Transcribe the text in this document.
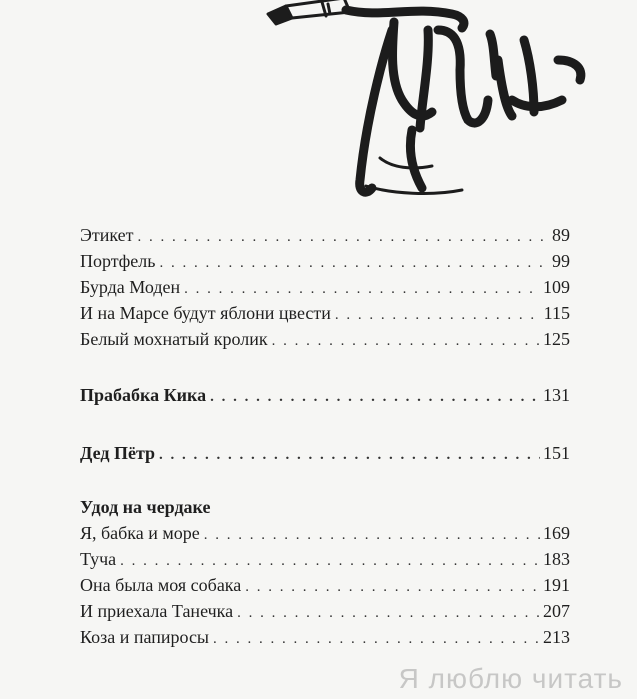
Этикет . . .	89
Портфель . . .	99
Бурда Моден . . .	109
И на Марсе будут яблони цвести . . .	115
Белый мохнатый кролик . . .	125
Прабабка Кика . . .	131
Дед Пётр . . .	151
Удод на чердаке
Я, бабка и море . . .	169
Туча . . .	183
Она была моя собака . . .	191
И приехала Танечка . . .	207
Коза и папиросы . . .	213
Я люблю читать
